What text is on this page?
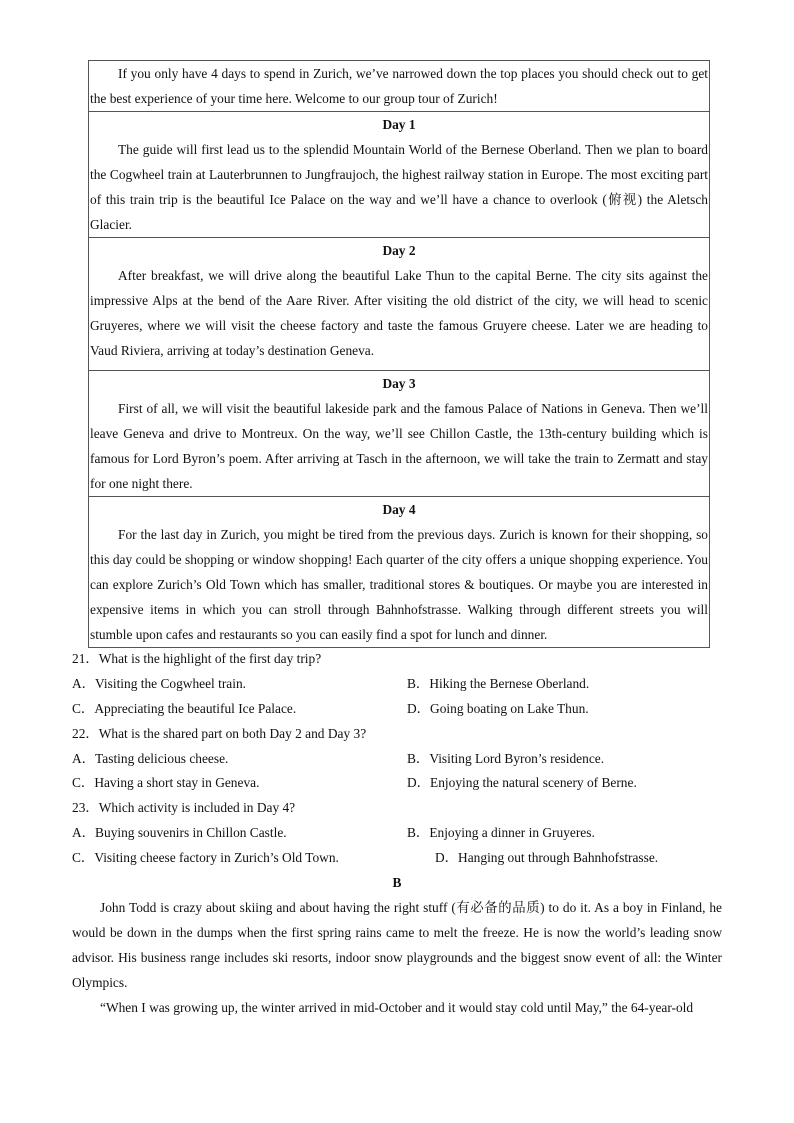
If you only have 4 days to spend in Zurich, we’ve narrowed down the top places you should check out to get the best experience of your time here. Welcome to our group tour of Zurich!

Day 1

The guide will first lead us to the splendid Mountain World of the Bernese Oberland. Then we plan to board the Cogwheel train at Lauterbrunnen to Jungfraujoch, the highest railway station in Europe. The most exciting part of this train trip is the beautiful Ice Palace on the way and we’ll have a chance to overlook (俯视) the Aletsch Glacier.

Day 2

After breakfast, we will drive along the beautiful Lake Thun to the capital Berne. The city sits against the impressive Alps at the bend of the Aare River. After visiting the old district of the city, we will head to scenic Gruyeres, where we will visit the cheese factory and taste the famous Gruyere cheese. Later we are heading to Vaud Riviera, arriving at today’s destination Geneva.

Day 3

First of all, we will visit the beautiful lakeside park and the famous Palace of Nations in Geneva. Then we’ll leave Geneva and drive to Montreux. On the way, we’ll see Chillon Castle, the 13th-century building which is famous for Lord Byron’s poem. After arriving at Tasch in the afternoon, we will take the train to Zermatt and stay for one night there.

Day 4

For the last day in Zurich, you might be tired from the previous days. Zurich is known for their shopping, so this day could be shopping or window shopping! Each quarter of the city offers a unique shopping experience. You can explore Zurich’s Old Town which has smaller, traditional stores & boutiques. Or maybe you are interested in expensive items in which you can stroll through Bahnhofstrasse. Walking through different streets you will stumble upon cafes and restaurants so you can easily find a spot for lunch and dinner.

21．What is the highlight of the first day trip?
A．Visiting the Cogwheel train.	B．Hiking the Bernese Oberland.
C．Appreciating the beautiful Ice Palace.	D．Going boating on Lake Thun.
22．What is the shared part on both Day 2 and Day 3?
A．Tasting delicious cheese.	B．Visiting Lord Byron’s residence.
C．Having a short stay in Geneva.	D．Enjoying the natural scenery of Berne.
23．Which activity is included in Day 4?
A．Buying souvenirs in Chillon Castle.	B．Enjoying a dinner in Gruyeres.
C．Visiting cheese factory in Zurich’s Old Town.	D．Hanging out through Bahnhofstrasse.
B

John Todd is crazy about skiing and about having the right stuff (有必备的品质) to do it. As a boy in Finland, he would be down in the dumps when the first spring rains came to melt the freeze. He is now the world’s leading snow advisor. His business range includes ski resorts, indoor snow playgrounds and the biggest snow event of all: the Winter Olympics.

“When I was growing up, the winter arrived in mid-October and it would stay cold until May,” the 64-year-old
